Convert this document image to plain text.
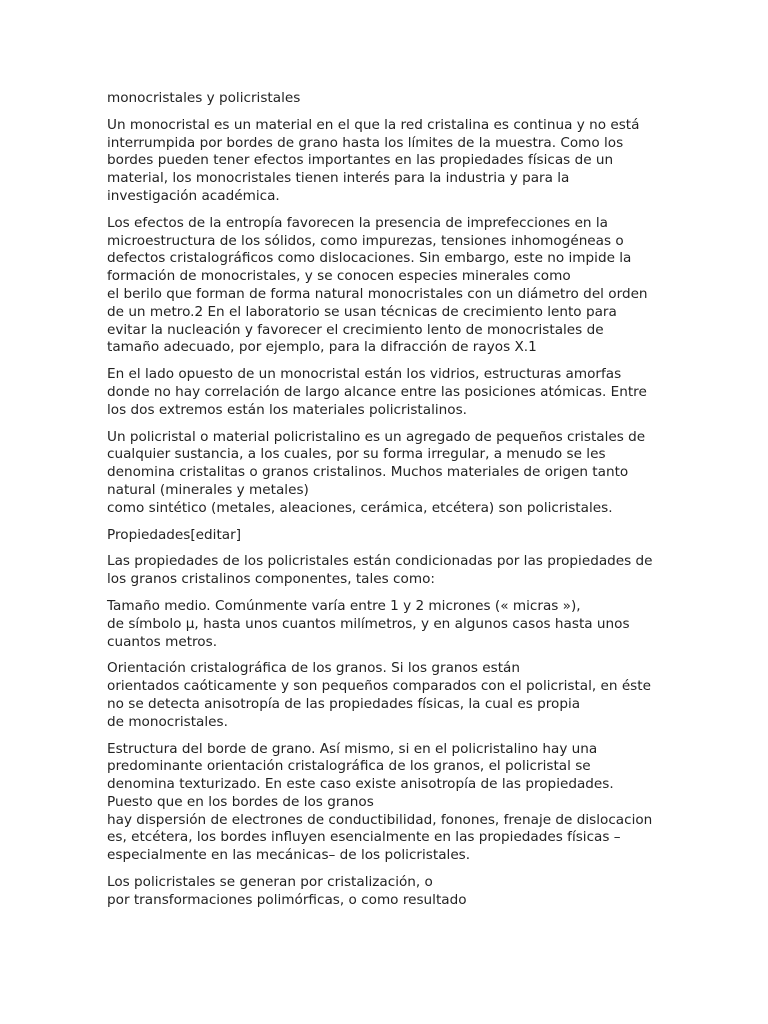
monocristales y policristales

Un monocristal es un material en el que la red cristalina es continua y no está
interrumpida por bordes de grano hasta los límites de la muestra. Como los
bordes pueden tener efectos importantes en las propiedades físicas de un
material, los monocristales tienen interés para la industria y para la
investigación académica.

Los efectos de la entropía favorecen la presencia de imprefecciones en la
microestructura de los sólidos, como impurezas, tensiones inhomogéneas o
defectos cristalográficos como dislocaciones. Sin embargo, este no impide la
formación de monocristales, y se conocen especies minerales como
el berilo que forman de forma natural monocristales con un diámetro del orden
de un metro.2 En el laboratorio se usan técnicas de crecimiento lento para
evitar la nucleación y favorecer el crecimiento lento de monocristales de
tamaño adecuado, por ejemplo, para la difracción de rayos X.1

En el lado opuesto de un monocristal están los vidrios, estructuras amorfas
donde no hay correlación de largo alcance entre las posiciones atómicas. Entre
los dos extremos están los materiales policristalinos.

Un policristal o material policristalino es un agregado de pequeños cristales de
cualquier sustancia, a los cuales, por su forma irregular, a menudo se les
denomina cristalitas o granos cristalinos. Muchos materiales de origen tanto
natural (minerales y metales)
como sintético (metales, aleaciones, cerámica, etcétera) son policristales.

Propiedades[editar]

Las propiedades de los policristales están condicionadas por las propiedades de
los granos cristalinos componentes, tales como:

Tamaño medio. Comúnmente varía entre 1 y 2 micrones (« micras »),
de símbolo µ, hasta unos cuantos milímetros, y en algunos casos hasta unos
cuantos metros.

Orientación cristalográfica de los granos. Si los granos están
orientados caóticamente y son pequeños comparados con el policristal, en éste
no se detecta anisotropía de las propiedades físicas, la cual es propia
de monocristales.

Estructura del borde de grano. Así mismo, si en el policristalino hay una
predominante orientación cristalográfica de los granos, el policristal se
denomina texturizado. En este caso existe anisotropía de las propiedades.
Puesto que en los bordes de los granos
hay dispersión de electrones de conductibilidad, fonones, frenaje de dislocacion
es, etcétera, los bordes influyen esencialmente en las propiedades físicas –
especialmente en las mecánicas– de los policristales.

Los policristales se generan por cristalización, o
por transformaciones polimórficas, o como resultado
